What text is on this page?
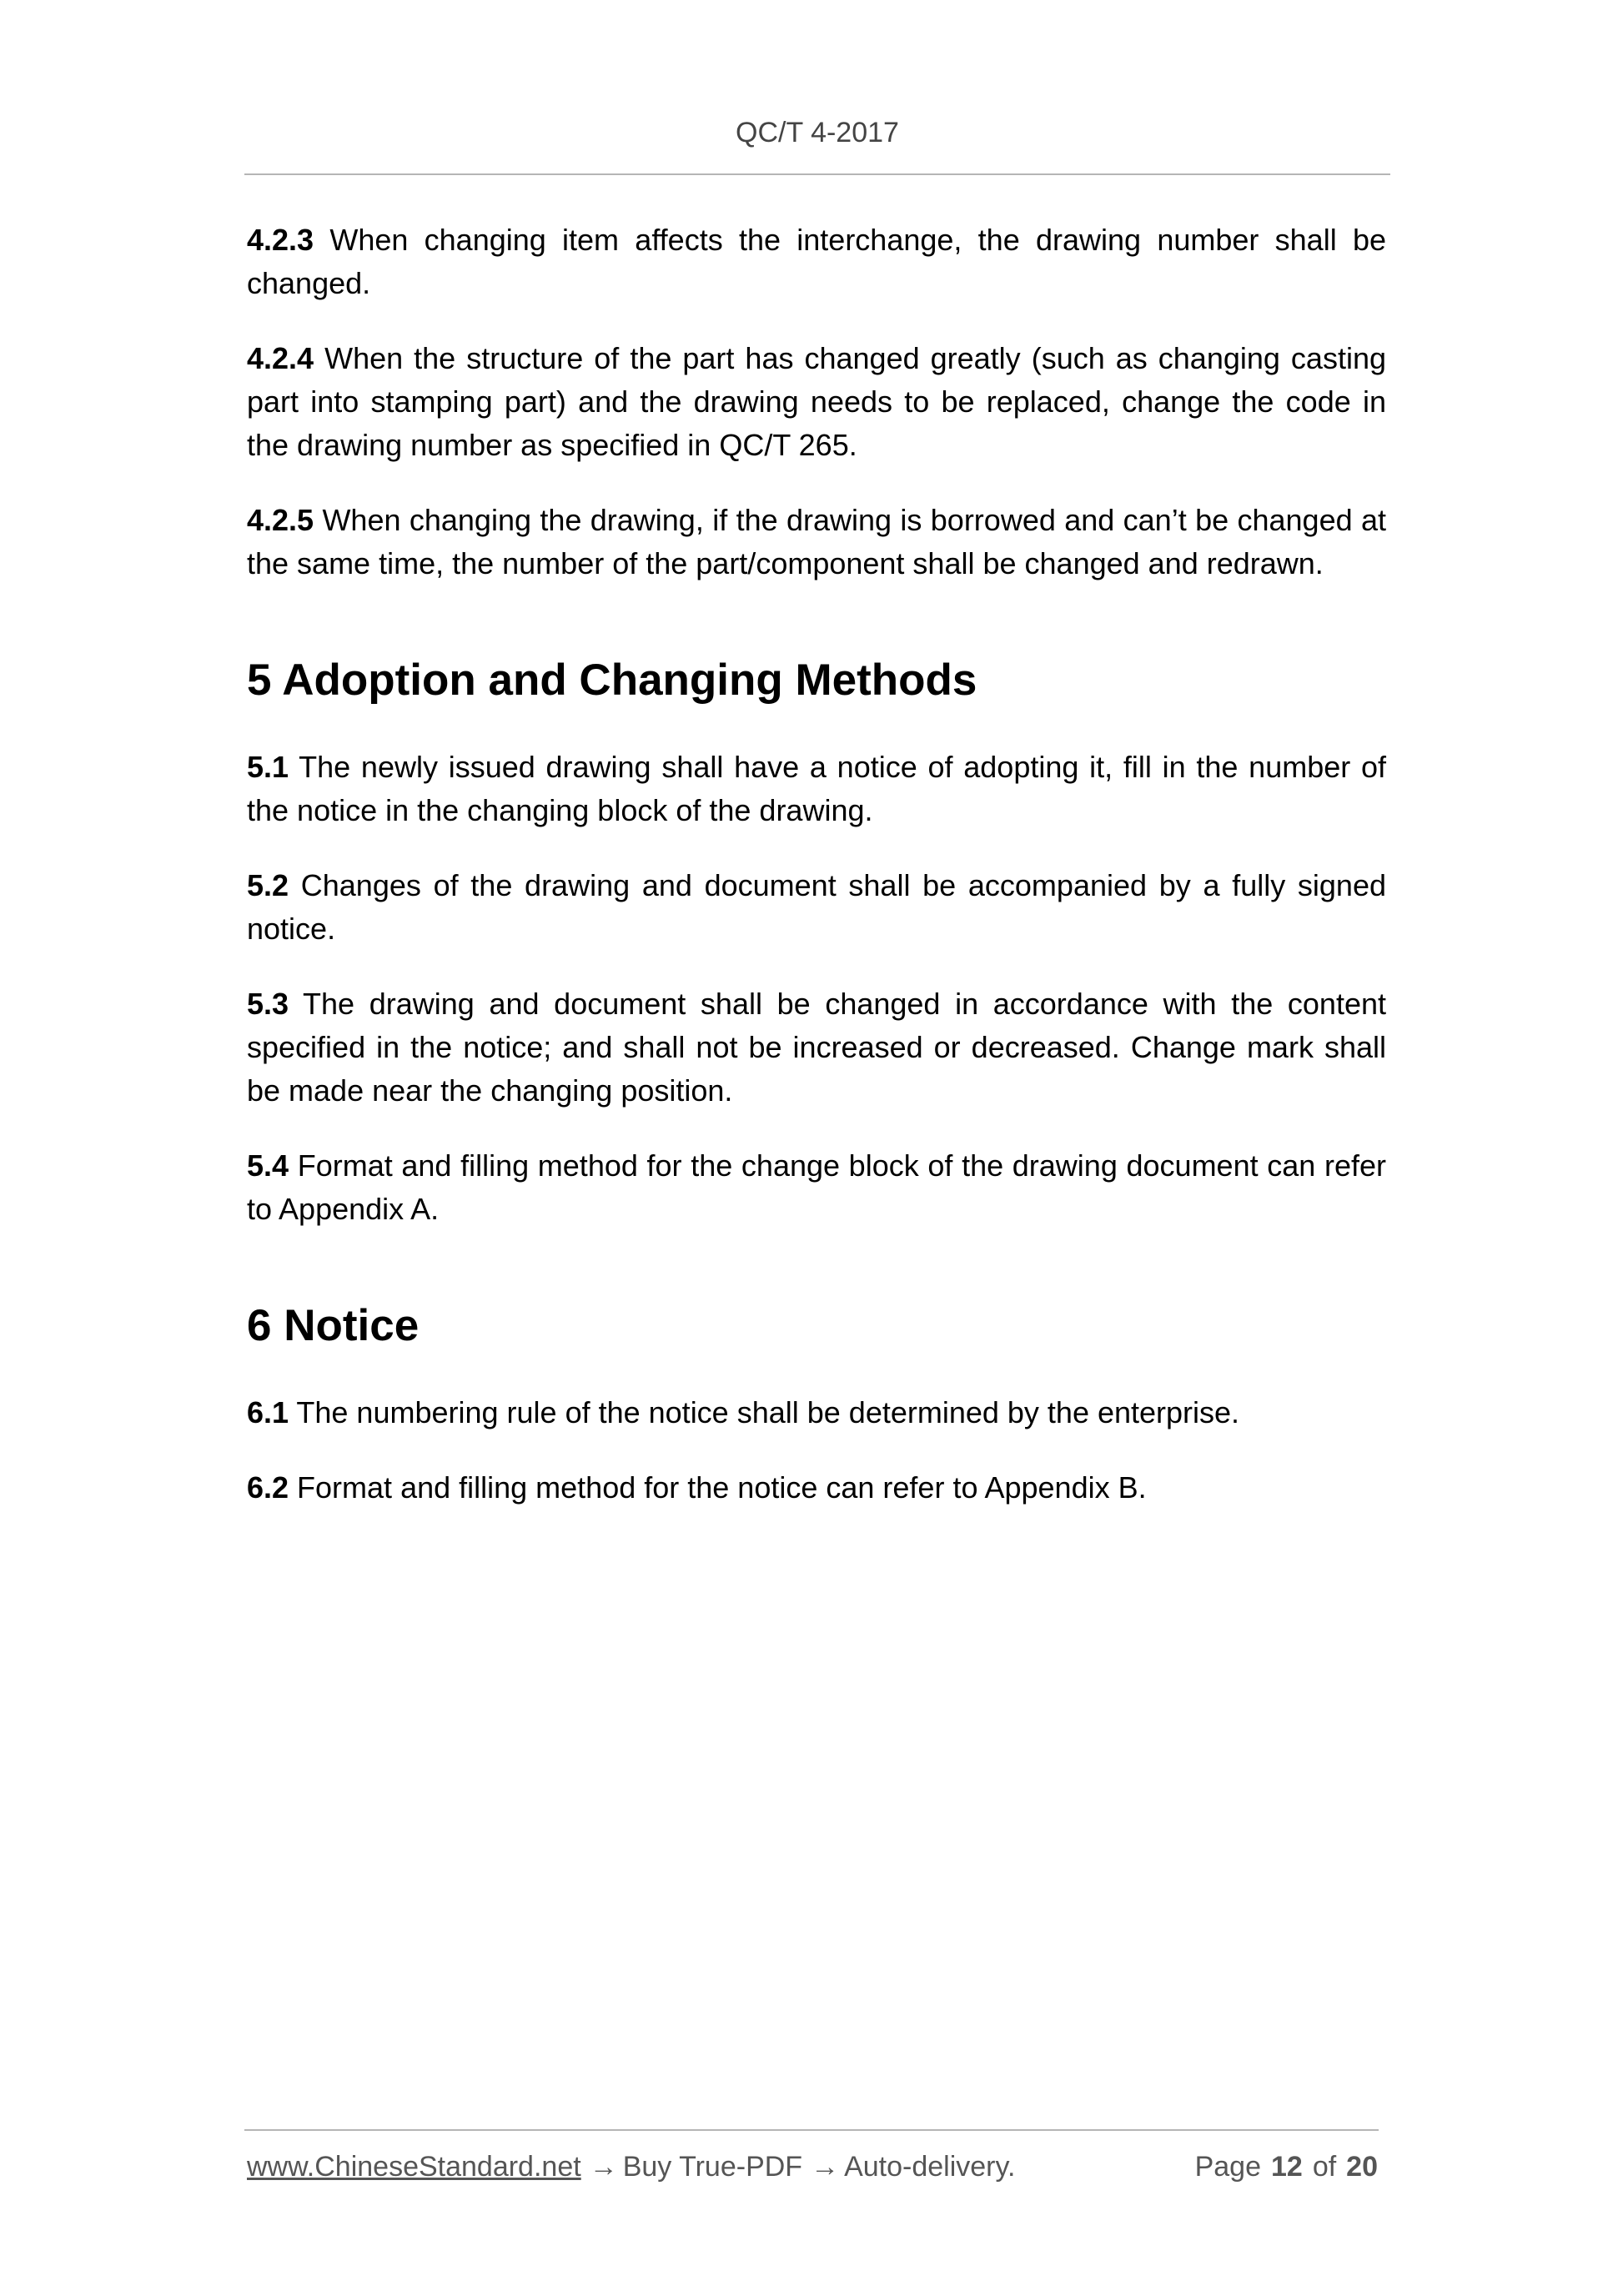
QC/T 4-2017

4.2.3 When changing item affects the interchange, the drawing number shall be changed.

4.2.4 When the structure of the part has changed greatly (such as changing casting part into stamping part) and the drawing needs to be replaced, change the code in the drawing number as specified in QC/T 265.

4.2.5 When changing the drawing, if the drawing is borrowed and can’t be changed at the same time, the number of the part/component shall be changed and redrawn.

5 Adoption and Changing Methods

5.1 The newly issued drawing shall have a notice of adopting it, fill in the number of the notice in the changing block of the drawing.

5.2 Changes of the drawing and document shall be accompanied by a fully signed notice.

5.3 The drawing and document shall be changed in accordance with the content specified in the notice; and shall not be increased or decreased. Change mark shall be made near the changing position.

5.4 Format and filling method for the change block of the drawing document can refer to Appendix A.

6 Notice

6.1 The numbering rule of the notice shall be determined by the enterprise.

6.2 Format and filling method for the notice can refer to Appendix B.

www.ChineseStandard.net → Buy True-PDF → Auto-delivery.	Page 12 of 20
